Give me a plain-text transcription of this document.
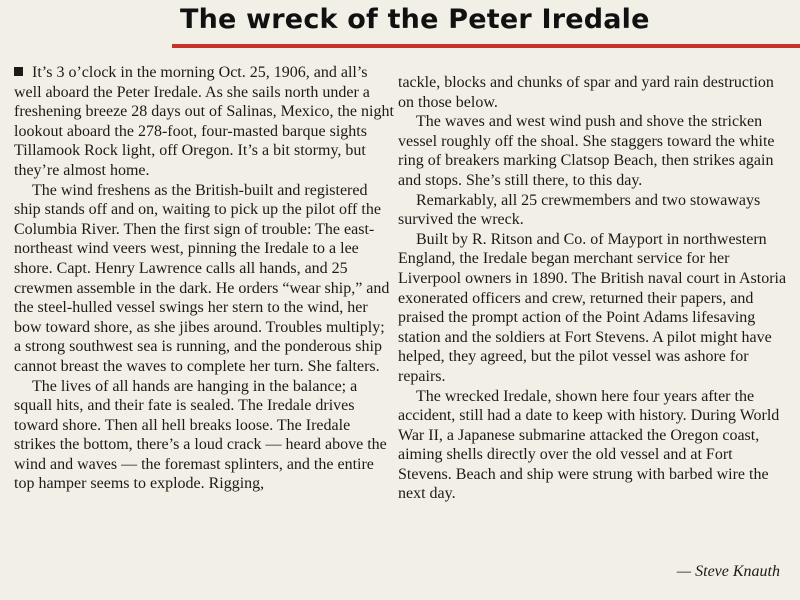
The wreck of the Peter Iredale

It’s 3 o’clock in the morning Oct. 25, 1906, and all’s well aboard the Peter Iredale. As she sails north under a freshening breeze 28 days out of Salinas, Mexico, the night lookout aboard the 278-foot, four-masted barque sights Tillamook Rock light, off Oregon. It’s a bit stormy, but they’re almost home.

The wind freshens as the British-built and registered ship stands off and on, waiting to pick up the pilot off the Columbia River. Then the first sign of trouble: The east-northeast wind veers west, pinning the Iredale to a lee shore. Capt. Henry Lawrence calls all hands, and 25 crewmen assemble in the dark. He orders “wear ship,” and the steel-hulled vessel swings her stern to the wind, her bow toward shore, as she jibes around. Troubles multiply; a strong southwest sea is running, and the ponderous ship cannot breast the waves to complete her turn. She falters.

The lives of all hands are hanging in the balance; a squall hits, and their fate is sealed. The Iredale drives toward shore. Then all hell breaks loose. The Iredale strikes the bottom, there’s a loud crack — heard above the wind and waves — the foremast splinters, and the entire top hamper seems to explode. Rigging,

tackle, blocks and chunks of spar and yard rain destruction on those below.

The waves and west wind push and shove the stricken vessel roughly off the shoal. She staggers toward the white ring of breakers marking Clatsop Beach, then strikes again and stops. She’s still there, to this day.

Remarkably, all 25 crewmembers and two stowaways survived the wreck.

Built by R. Ritson and Co. of Mayport in northwestern England, the Iredale began merchant service for her Liverpool owners in 1890. The British naval court in Astoria exonerated officers and crew, returned their papers, and praised the prompt action of the Point Adams lifesaving station and the soldiers at Fort Stevens. A pilot might have helped, they agreed, but the pilot vessel was ashore for repairs.

The wrecked Iredale, shown here four years after the accident, still had a date to keep with history. During World War II, a Japanese submarine attacked the Oregon coast, aiming shells directly over the old vessel and at Fort Stevens. Beach and ship were strung with barbed wire the next day.

— Steve Knauth
